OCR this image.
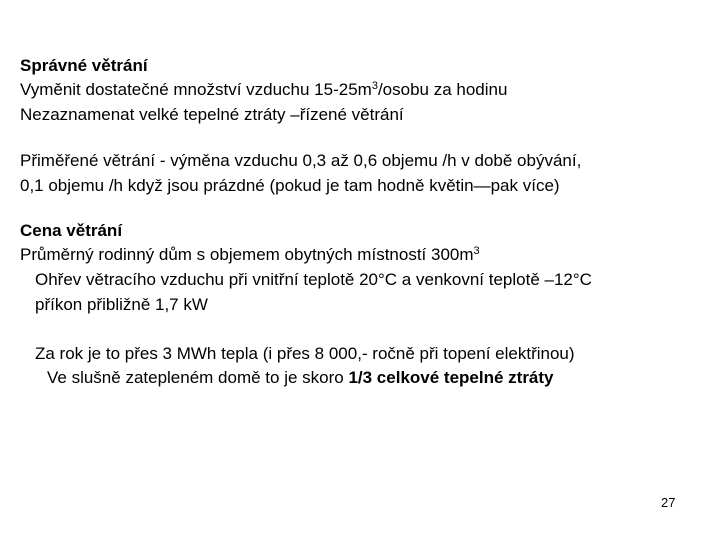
Správné větrání
Vyměnit dostatečné množství vzduchu $15-25m^3$/osobu za hodinu
Nezaznamenat velké tepelné ztráty –řízené větrání
Přiměřené větrání - výměna vzduchu 0,3 až 0,6 objemu /h v době obývání,
0,1 objemu /h když jsou prázdné (pokud je tam hodně květin—pak více)
Cena větrání
Průměrný rodinný dům s objemem obytných místností $300m^3$
Ohřev větracího vzduchu při vnitřní teplotě 20°C a venkovní teplotě –12°C
příkon přibližně 1,7 kW
Za rok je to přes 3 MWh tepla (i přes 8 000,- ročně při topení elektřinou)
Ve slušně zatepleném domě to je skoro 1/3 celkové tepelné ztráty
27
